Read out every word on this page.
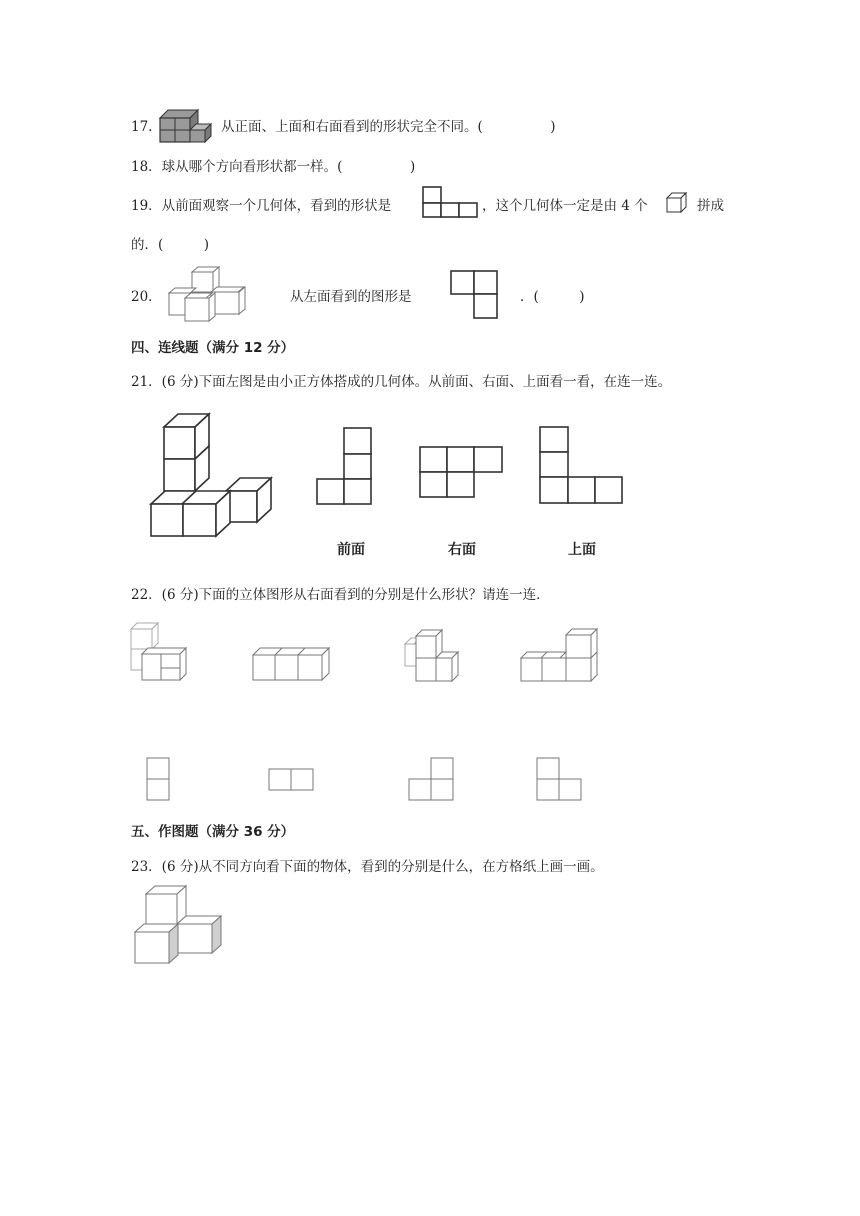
17.	从正面、上面和右面看到的形状完全不同。(　　　　　)
18．球从哪个方向看形状都一样。(　　　　　)
19．从前面观察一个几何体，看到的形状是	，这个几何体一定是由 4 个	拼成
的．(　　　)
20．	从左面看到的图形是	．(　　　)
四、连线题（满分 12 分）
21．(6 分)下面左图是由小正方体搭成的几何体。从前面、右面、上面看一看，在连一连。
前面	右面	上面
22．(6 分)下面的立体图形从右面看到的分别是什么形状？请连一连．
五、作图题（满分 36 分）
23．(6 分)从不同方向看下面的物体，看到的分别是什么，在方格纸上画一画。
